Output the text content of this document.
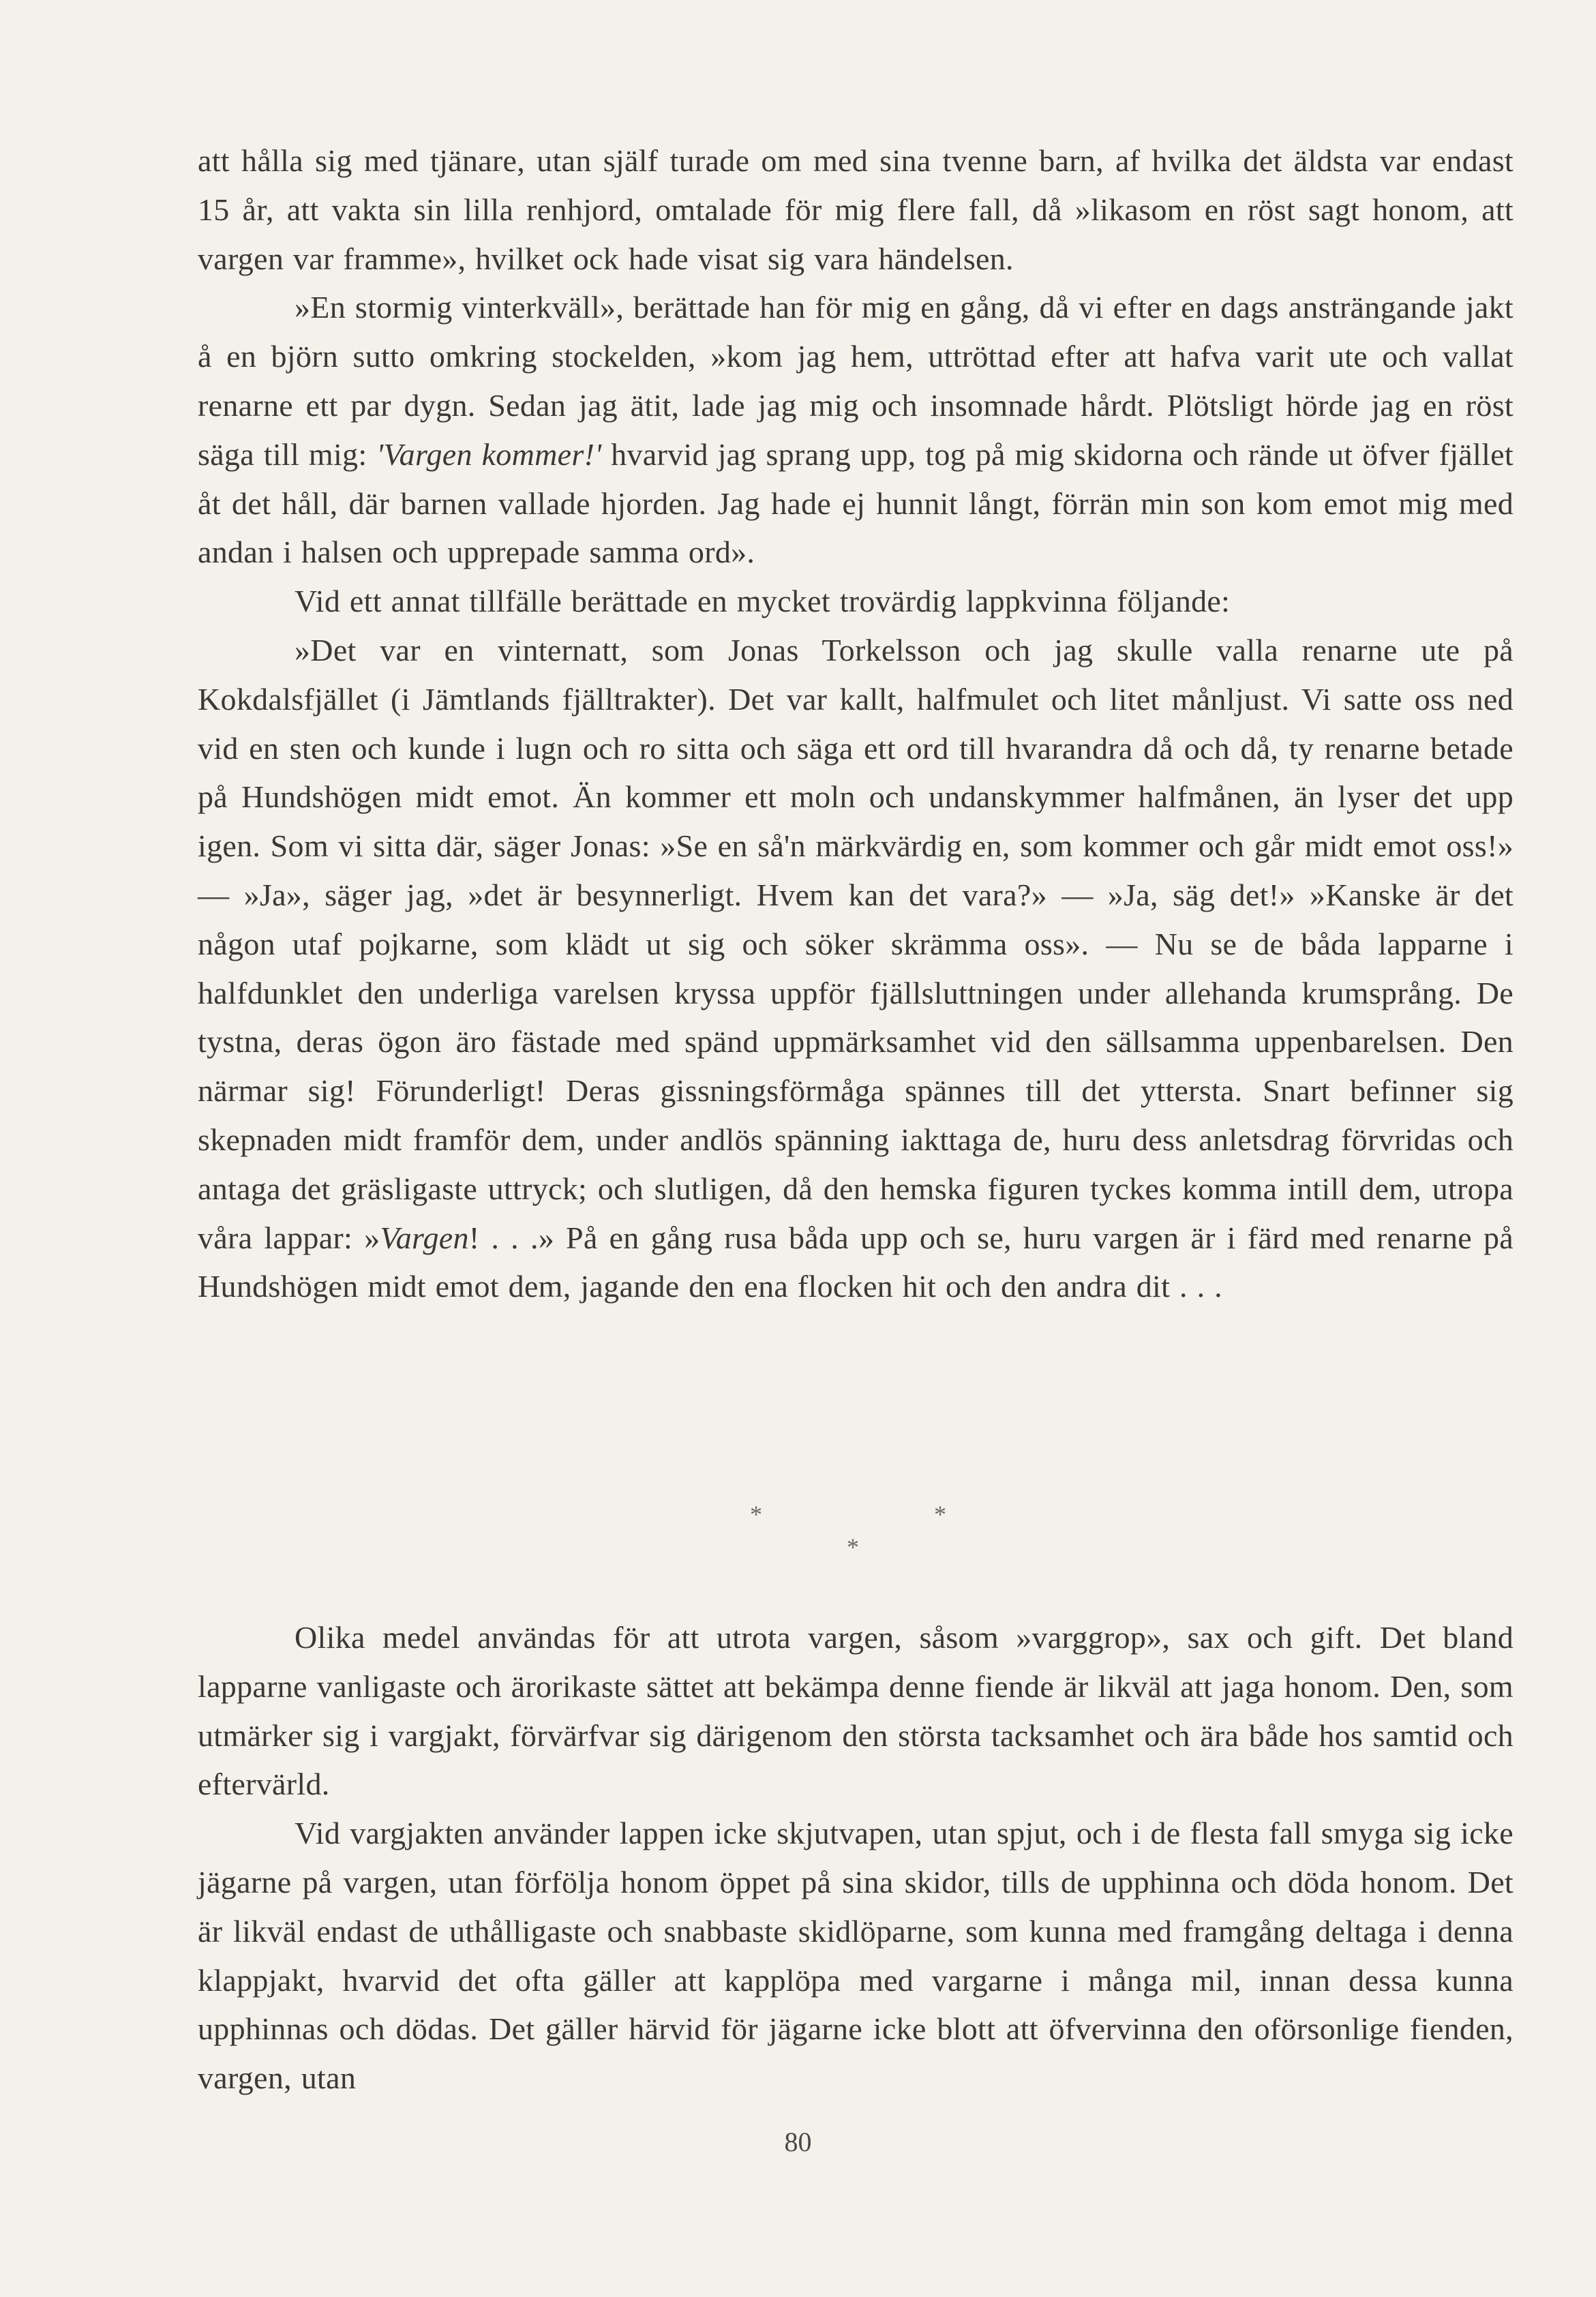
att hålla sig med tjänare, utan själf turade om med sina tvenne barn, af hvilka det äldsta var endast 15 år, att vakta sin lilla renhjord, omtalade för mig flere fall, då »likasom en röst sagt honom, att vargen var framme», hvilket ock hade visat sig vara händelsen.

»En stormig vinterkväll», berättade han för mig en gång, då vi efter en dags ansträngande jakt å en björn sutto omkring stockelden, »kom jag hem, uttröttad efter att hafva varit ute och vallat renarne ett par dygn. Sedan jag ätit, lade jag mig och insomnade hårdt. Plötsligt hörde jag en röst säga till mig: 'Vargen kommer!' hvarvid jag sprang upp, tog på mig skidorna och rände ut öfver fjället åt det håll, där barnen vallade hjorden. Jag hade ej hunnit långt, förrän min son kom emot mig med andan i halsen och upprepade samma ord».

Vid ett annat tillfälle berättade en mycket trovärdig lappkvinna följande:

»Det var en vinternatt, som Jonas Torkelsson och jag skulle valla renarne ute på Kokdalsfjället (i Jämtlands fjälltrakter). Det var kallt, halfmulet och litet månljust. Vi satte oss ned vid en sten och kunde i lugn och ro sitta och säga ett ord till hvarandra då och då, ty renarne betade på Hundshögen midt emot. Än kommer ett moln och undanskymmer halfmånen, än lyser det upp igen. Som vi sitta där, säger Jonas: »Se en så'n märkvärdig en, som kommer och går midt emot oss!» — »Ja», säger jag, »det är besynnerligt. Hvem kan det vara?» — »Ja, säg det!» »Kanske är det någon utaf pojkarne, som klädt ut sig och söker skrämma oss». — Nu se de båda lapparne i halfdunklet den underliga varelsen kryssa uppför fjällsluttningen under allehanda krumsprång. De tystna, deras ögon äro fästade med spänd uppmärksamhet vid den sällsamma uppenbarelsen. Den närmar sig! Förunderligt! Deras gissningsförmåga spännes till det yttersta. Snart befinner sig skepnaden midt framför dem, under andlös spänning iakttaga de, huru dess anletsdrag förvridas och antaga det gräsligaste uttryck; och slutligen, då den hemska figuren tyckes komma intill dem, utropa våra lappar: »Vargen! . . .» På en gång rusa båda upp och se, huru vargen är i färd med renarne på Hundshögen midt emot dem, jagande den ena flocken hit och den andra dit . . .

*	*
*

Olika medel användas för att utrota vargen, såsom »varggrop», sax och gift. Det bland lapparne vanligaste och ärorikaste sättet att bekämpa denne fiende är likväl att jaga honom. Den, som utmärker sig i vargjakt, förvärfvar sig därigenom den största tacksamhet och ära både hos samtid och eftervärld.

Vid vargjakten använder lappen icke skjutvapen, utan spjut, och i de flesta fall smyga sig icke jägarne på vargen, utan förfölja honom öppet på sina skidor, tills de upphinna och döda honom. Det är likväl endast de uthålligaste och snabbaste skidlöparne, som kunna med framgång deltaga i denna klappjakt, hvarvid det ofta gäller att kapplöpa med vargarne i många mil, innan dessa kunna upphinnas och dödas. Det gäller härvid för jägarne icke blott att öfvervinna den oförsonlige fienden, vargen, utan

80
